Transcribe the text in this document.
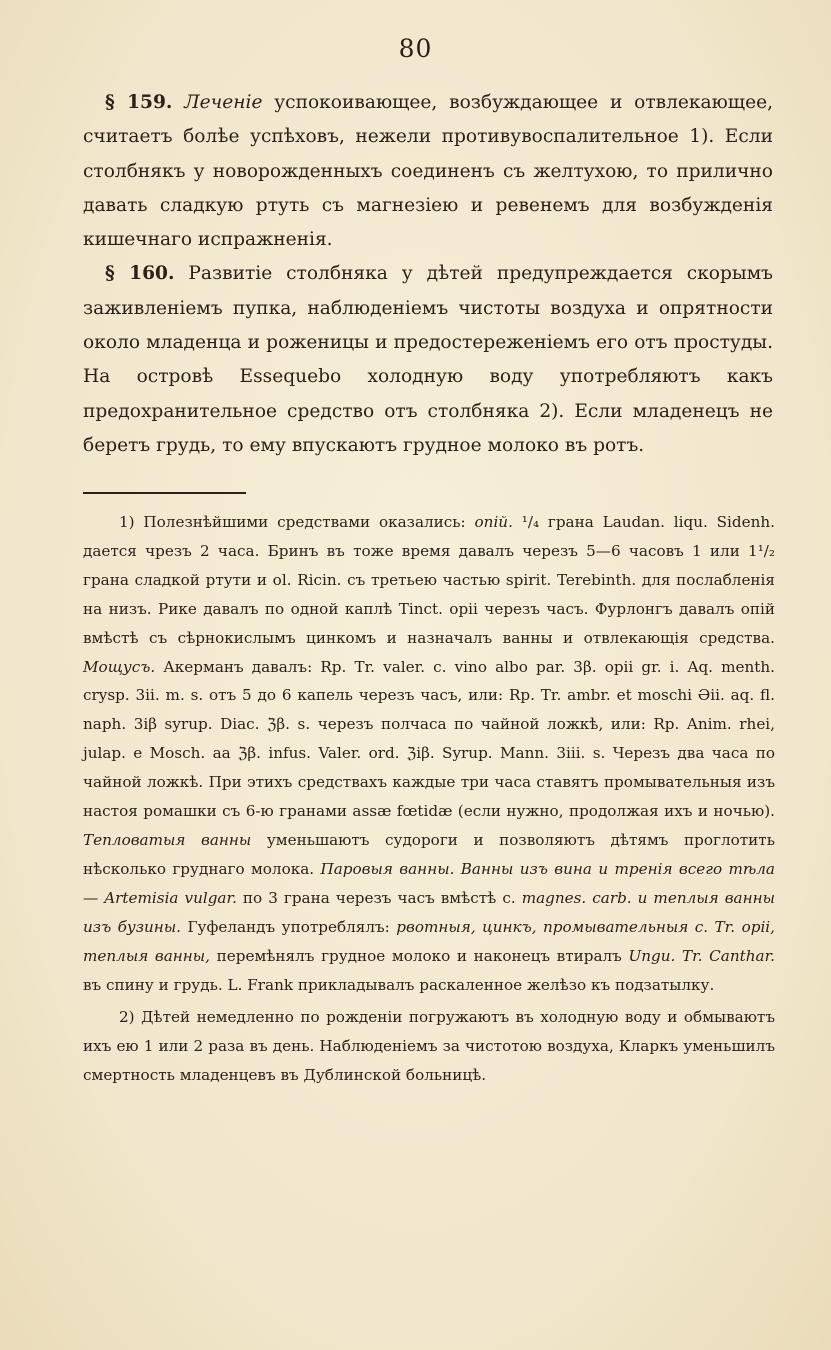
80

§ 159. Леченіе успокоивающее, возбуждающее и отвлекающее, считаетъ болѣе успѣховъ, нежели противувоспалительное 1). Если столбнякъ у новорожденныхъ соединенъ съ желтухою, то прилично давать сладкую ртуть съ магнезіею и ревенемъ для возбужденія кишечнаго испражненія.

§ 160. Развитіе столбняка у дѣтей предупреждается скорымъ заживленіемъ пупка, наблюденіемъ чистоты воздуха и опрятности около младенца и роженицы и предостереженіемъ его отъ простуды. На островѣ Essequebo холодную воду употребляютъ какъ предохранительное средство отъ столбняка 2). Если младенецъ не беретъ грудь, то ему впускаютъ грудное молоко въ ротъ.

1) Полезнѣйшими средствами оказались: опій. ¹/₄ грана Laudan. liqu. Sidenh. дается чрезъ 2 часа. Бринъ въ тоже время давалъ черезъ 5—6 часовъ 1 или 1¹/₂ грана сладкой ртути и ol. Ricin. съ третьею частью spirit. Terebinth. для послабленія на низъ. Рике давалъ по одной каплѣ Tinct. opii черезъ часъ. Фурлонгъ давалъ опій вмѣстѣ съ сѣрнокислымъ цинкомъ и назначалъ ванны и отвлекающія средства. Мощусъ. Акерманъ давалъ: Rp. Tr. valer. c. vino albo par. 3β. opii gr. i. Aq. menth. crysp. 3ii. m. s. отъ 5 до 6 капель черезъ часъ, или: Rp. Tr. ambr. et moschi Əii. aq. fl. naph. 3iβ syrup. Diac. ℨβ. s. черезъ полчаса по чайной ложкѣ, или: Rp. Anim. rhei, julap. e Mosch. aa ℨβ. infus. Valer. ord. ℨiβ. Syrup. Mann. 3iii. s. Черезъ два часа по чайной ложкѣ. При этихъ средствахъ каждые три часа ставятъ промывательныя изъ настоя ромашки съ 6-ю гранами assæ fœtidæ (если нужно, продолжая ихъ и ночью). Тепловатыя ванны уменьшаютъ судороги и позволяютъ дѣтямъ проглотить нѣсколько груднаго молока. Паровыя ванны. Ванны изъ вина и тренія всего тѣла — Artemisia vulgar. по 3 грана черезъ часъ вмѣстѣ с. magnes. carb. и теплыя ванны изъ бузины. Гуфеландъ употреблялъ: рвотныя, цинкъ, промывательныя с. Tr. opii, теплыя ванны, перемѣнялъ грудное молоко и наконецъ втиралъ Ungu. Tr. Canthar. въ спину и грудь. L. Frank прикладывалъ раскаленное желѣзо къ подзатылку.

2) Дѣтей немедленно по рожденіи погружаютъ въ холодную воду и обмываютъ ихъ ею 1 или 2 раза въ день. Наблюденіемъ за чистотою воздуха, Кларкъ уменьшилъ смертность младенцевъ въ Дублинской больницѣ.
